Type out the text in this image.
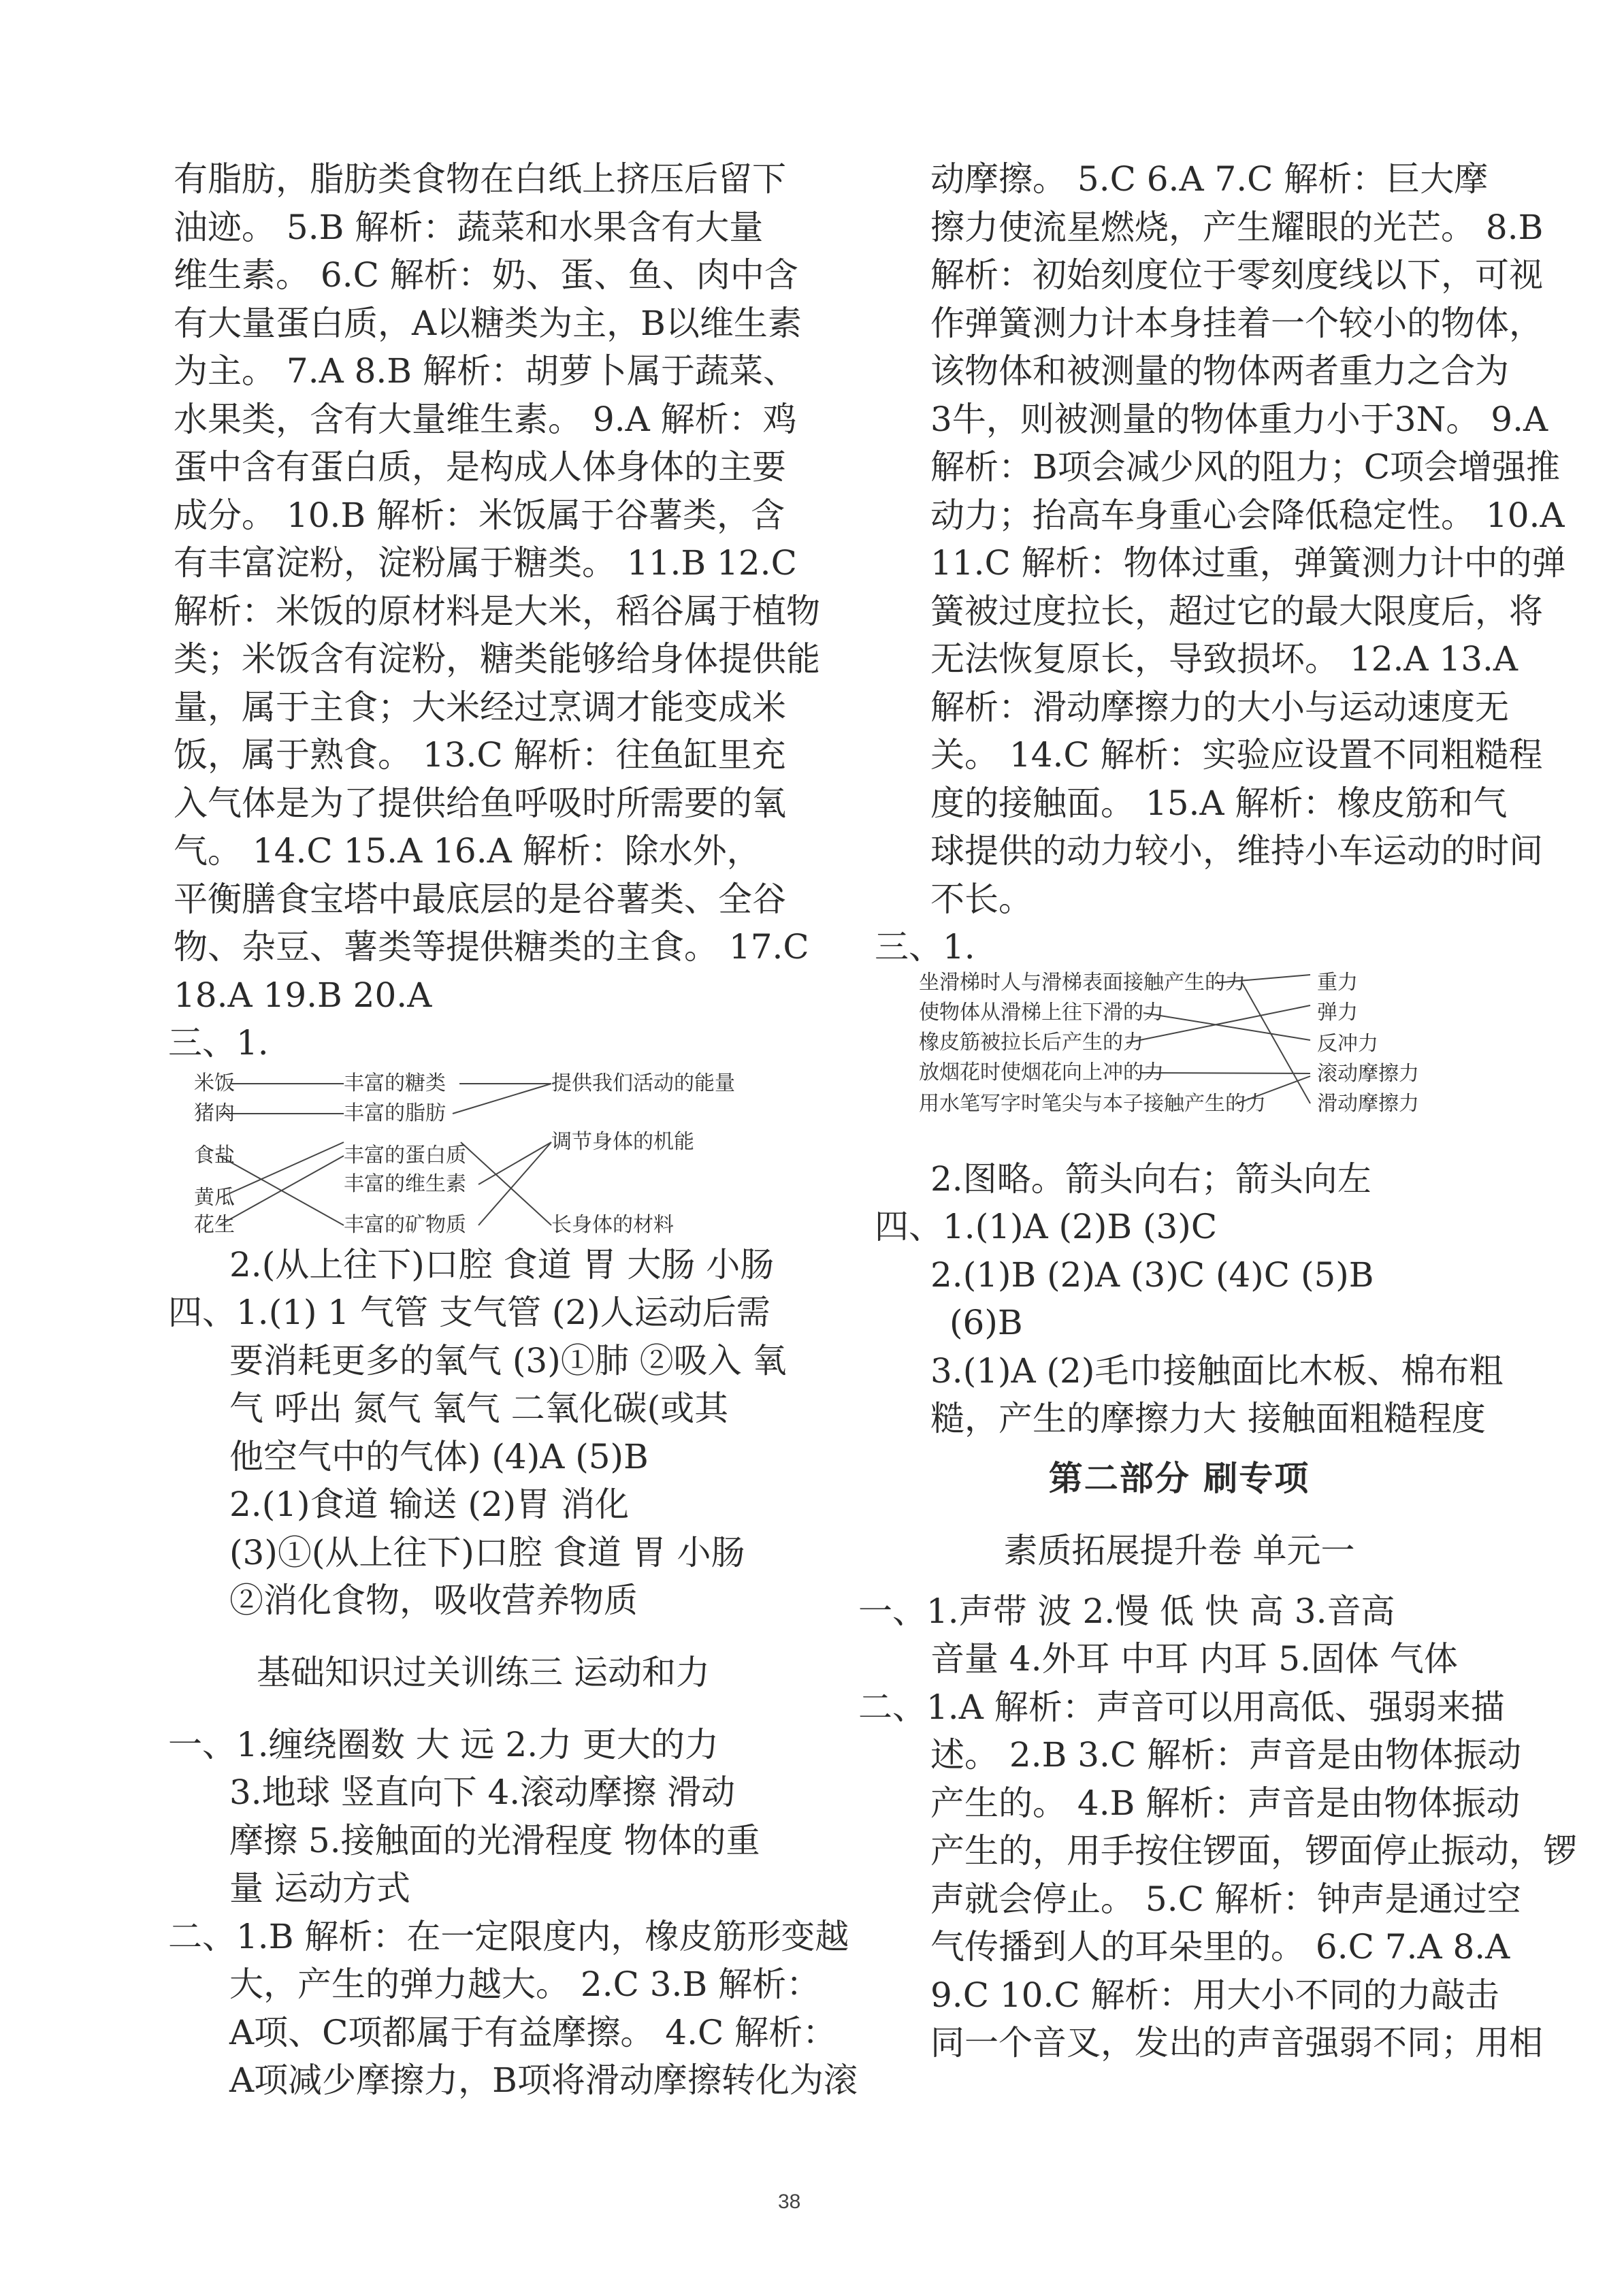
有脂肪，脂肪类食物在白纸上挤压后留下
油迹。 5.B 解析：蔬菜和水果含有大量
维生素。 6.C 解析：奶、蛋、鱼、肉中含
有大量蛋白质，A以糖类为主，B以维生素
为主。 7.A 8.B 解析：胡萝卜属于蔬菜、
水果类，含有大量维生素。 9.A 解析：鸡
蛋中含有蛋白质，是构成人体身体的主要
成分。 10.B 解析：米饭属于谷薯类，含
有丰富淀粉，淀粉属于糖类。 11.B 12.C
解析：米饭的原材料是大米，稻谷属于植物
类；米饭含有淀粉，糖类能够给身体提供能
量，属于主食；大米经过烹调才能变成米
饭，属于熟食。 13.C 解析：往鱼缸里充
入气体是为了提供给鱼呼吸时所需要的氧
气。 14.C 15.A 16.A 解析：除水外，
平衡膳食宝塔中最底层的是谷薯类、全谷
物、杂豆、薯类等提供糖类的主食。 17.C
18.A 19.B 20.A
三、1.
米饭
猪肉
食盐
黄瓜
花生
丰富的糖类
丰富的脂肪
丰富的蛋白质
丰富的维生素
丰富的矿物质
提供我们活动的能量
调节身体的机能
长身体的材料
2.(从上往下)口腔 食道 胃 大肠 小肠
四、1.(1) 1 气管 支气管 (2)人运动后需
要消耗更多的氧气 (3)①肺 ②吸入 氧
气 呼出 氮气 氧气 二氧化碳(或其
他空气中的气体) (4)A (5)B
2.(1)食道 输送 (2)胃 消化
(3)①(从上往下)口腔 食道 胃 小肠
②消化食物，吸收营养物质
基础知识过关训练三 运动和力
一、1.缠绕圈数 大 远 2.力 更大的力
3.地球 竖直向下 4.滚动摩擦 滑动
摩擦 5.接触面的光滑程度 物体的重
量 运动方式
二、1.B 解析：在一定限度内，橡皮筋形变越
大，产生的弹力越大。 2.C 3.B 解析：
A项、C项都属于有益摩擦。 4.C 解析：
A项减少摩擦力，B项将滑动摩擦转化为滚
动摩擦。 5.C 6.A 7.C 解析：巨大摩
擦力使流星燃烧，产生耀眼的光芒。 8.B
解析：初始刻度位于零刻度线以下，可视
作弹簧测力计本身挂着一个较小的物体，
该物体和被测量的物体两者重力之合为
3牛，则被测量的物体重力小于3N。 9.A
解析：B项会减少风的阻力；C项会增强推
动力；抬高车身重心会降低稳定性。 10.A
11.C 解析：物体过重，弹簧测力计中的弹
簧被过度拉长，超过它的最大限度后，将
无法恢复原长，导致损坏。 12.A 13.A
解析：滑动摩擦力的大小与运动速度无
关。 14.C 解析：实验应设置不同粗糙程
度的接触面。 15.A 解析：橡皮筋和气
球提供的动力较小，维持小车运动的时间
不长。
三、1.
坐滑梯时人与滑梯表面接触产生的力
使物体从滑梯上往下滑的力
橡皮筋被拉长后产生的力
放烟花时使烟花向上冲的力
用水笔写字时笔尖与本子接触产生的力
重力
弹力
反冲力
滚动摩擦力
滑动摩擦力
2.图略。箭头向右；箭头向左
四、1.(1)A (2)B (3)C
2.(1)B (2)A (3)C (4)C (5)B
(6)B
3.(1)A (2)毛巾接触面比木板、棉布粗
糙，产生的摩擦力大 接触面粗糙程度
第二部分 刷专项
素质拓展提升卷 单元一
一、1.声带 波 2.慢 低 快 高 3.音高
音量 4.外耳 中耳 内耳 5.固体 气体
二、1.A 解析：声音可以用高低、强弱来描
述。 2.B 3.C 解析：声音是由物体振动
产生的。 4.B 解析：声音是由物体振动
产生的，用手按住锣面，锣面停止振动，锣
声就会停止。 5.C 解析：钟声是通过空
气传播到人的耳朵里的。 6.C 7.A 8.A
9.C 10.C 解析：用大小不同的力敲击
同一个音叉，发出的声音强弱不同；用相
38
